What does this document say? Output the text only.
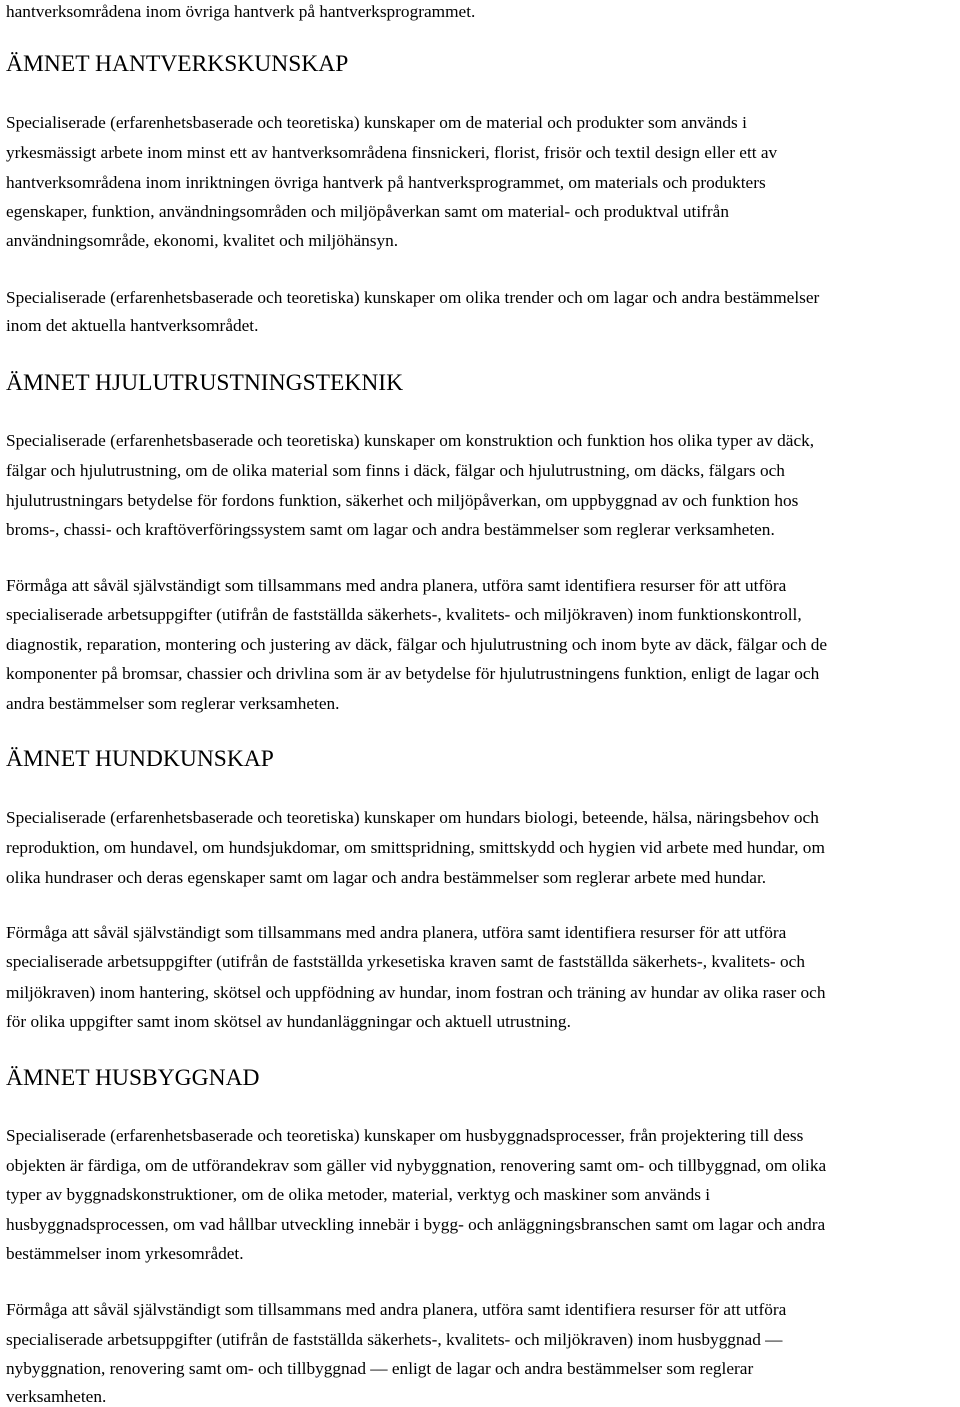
hantverksområdena inom övriga hantverk på hantverksprogrammet.
ÄMNET HANTVERKSKUNSKAP
Specialiserade (erfarenhetsbaserade och teoretiska) kunskaper om de material och produkter som används i
yrkesmässigt arbete inom minst ett av hantverksområdena finsnickeri, florist, frisör och textil design eller ett av
hantverksområdena inom inriktningen övriga hantverk på hantverksprogrammet, om materials och produkters
egenskaper, funktion, användningsområden och miljöpåverkan samt om material- och produktval utifrån
användningsområde, ekonomi, kvalitet och miljöhänsyn.
Specialiserade (erfarenhetsbaserade och teoretiska) kunskaper om olika trender och om lagar och andra bestämmelser
inom det aktuella hantverksområdet.
ÄMNET HJULUTRUSTNINGSTEKNIK
Specialiserade (erfarenhetsbaserade och teoretiska) kunskaper om konstruktion och funktion hos olika typer av däck,
fälgar och hjulutrustning, om de olika material som finns i däck, fälgar och hjulutrustning, om däcks, fälgars och
hjulutrustningars betydelse för fordons funktion, säkerhet och miljöpåverkan, om uppbyggnad av och funktion hos
broms-, chassi- och kraftöverföringssystem samt om lagar och andra bestämmelser som reglerar verksamheten.
Förmåga att såväl självständigt som tillsammans med andra planera, utföra samt identifiera resurser för att utföra
specialiserade arbetsuppgifter (utifrån de fastställda säkerhets-, kvalitets- och miljökraven) inom funktionskontroll,
diagnostik, reparation, montering och justering av däck, fälgar och hjulutrustning och inom byte av däck, fälgar och de
komponenter på bromsar, chassier och drivlina som är av betydelse för hjulutrustningens funktion, enligt de lagar och
andra bestämmelser som reglerar verksamheten.
ÄMNET HUNDKUNSKAP
Specialiserade (erfarenhetsbaserade och teoretiska) kunskaper om hundars biologi, beteende, hälsa, näringsbehov och
reproduktion, om hundavel, om hundsjukdomar, om smittspridning, smittskydd och hygien vid arbete med hundar, om
olika hundraser och deras egenskaper samt om lagar och andra bestämmelser som reglerar arbete med hundar.
Förmåga att såväl självständigt som tillsammans med andra planera, utföra samt identifiera resurser för att utföra
specialiserade arbetsuppgifter (utifrån de fastställda yrkesetiska kraven samt de fastställda säkerhets-, kvalitets- och
miljökraven) inom hantering, skötsel och uppfödning av hundar, inom fostran och träning av hundar av olika raser och
för olika uppgifter samt inom skötsel av hundanläggningar och aktuell utrustning.
ÄMNET HUSBYGGNAD
Specialiserade (erfarenhetsbaserade och teoretiska) kunskaper om husbyggnadsprocesser, från projektering till dess
objekten är färdiga, om de utförandekrav som gäller vid nybyggnation, renovering samt om- och tillbyggnad, om olika
typer av byggnadskonstruktioner, om de olika metoder, material, verktyg och maskiner som används i
husbyggnadsprocessen, om vad hållbar utveckling innebär i bygg- och anläggningsbranschen samt om lagar och andra
bestämmelser inom yrkesområdet.
Förmåga att såväl självständigt som tillsammans med andra planera, utföra samt identifiera resurser för att utföra
specialiserade arbetsuppgifter (utifrån de fastställda säkerhets-, kvalitets- och miljökraven) inom husbyggnad —
nybyggnation, renovering samt om- och tillbyggnad — enligt de lagar och andra bestämmelser som reglerar
verksamheten.
